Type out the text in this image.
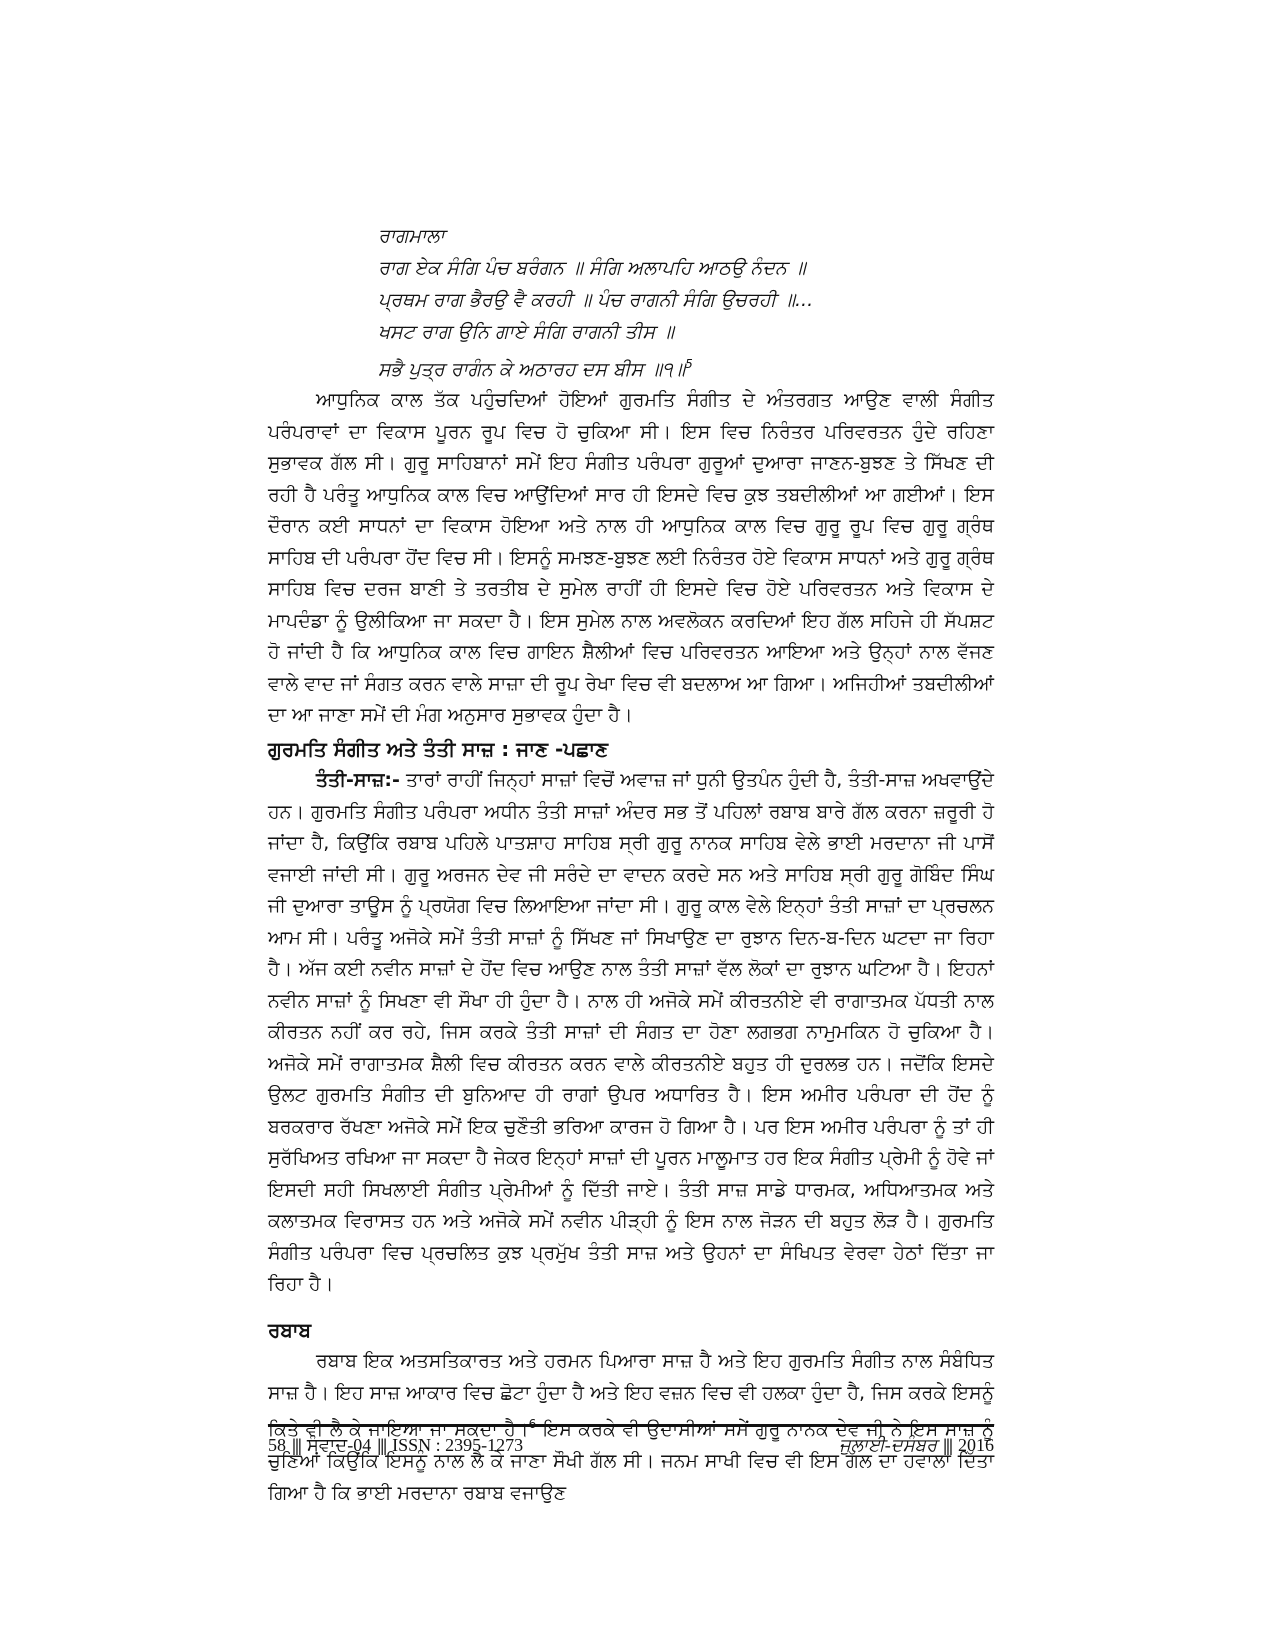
ਰਾਗਮਾਲਾ
ਰਾਗ ਏਕ ਸੰਗਿ ਪੰਚ ਬਰੰਗਨ ॥ ਸੰਗਿ ਅਲਾਪਹਿ ਆਠਉ ਨੰਦਨ ॥
ਪ੍ਰਥਮ ਰਾਗ ਭੈਰਉ ਵੈ ਕਰਹੀ ॥ ਪੰਚ ਰਾਗਨੀ ਸੰਗਿ ਉਚਰਹੀ ॥...
ਖਸਟ ਰਾਗ ਉਨਿ ਗਾਏ ਸੰਗਿ ਰਾਗਨੀ ਤੀਸ ॥
ਸਭੈ ਪੁਤ੍ਰ ਰਾਗੰਨ ਕੇ ਅਠਾਰਹ ਦਸ ਬੀਸ ॥੧॥$^5$

ਆਧੁਨਿਕ ਕਾਲ ਤੱਕ ਪਹੁੰਚਦਿਆਂ ਹੋਇਆਂ ਗੁਰਮਤਿ ਸੰਗੀਤ ਦੇ ਅੰਤਰਗਤ ਆਉਣ ਵਾਲੀ ਸੰਗੀਤ ਪਰੰਪਰਾਵਾਂ ਦਾ ਵਿਕਾਸ ਪੂਰਨ ਰੂਪ ਵਿਚ ਹੋ ਚੁਕਿਆ ਸੀ। ਇਸ ਵਿਚ ਨਿਰੰਤਰ ਪਰਿਵਰਤਨ ਹੁੰਦੇ ਰਹਿਣਾ ਸੁਭਾਵਕ ਗੱਲ ਸੀ। ਗੁਰੂ ਸਾਹਿਬਾਨਾਂ ਸਮੇਂ ਇਹ ਸੰਗੀਤ ਪਰੰਪਰਾ ਗੁਰੂਆਂ ਦੁਆਰਾ ਜਾਣਨ-ਬੁਝਣ ਤੇ ਸਿੱਖਣ ਦੀ ਰਹੀ ਹੈ ਪਰੰਤੂ ਆਧੁਨਿਕ ਕਾਲ ਵਿਚ ਆਉਂਦਿਆਂ ਸਾਰ ਹੀ ਇਸਦੇ ਵਿਚ ਕੁਝ ਤਬਦੀਲੀਆਂ ਆ ਗਈਆਂ। ਇਸ ਦੌਰਾਨ ਕਈ ਸਾਧਨਾਂ ਦਾ ਵਿਕਾਸ ਹੋਇਆ ਅਤੇ ਨਾਲ ਹੀ ਆਧੁਨਿਕ ਕਾਲ ਵਿਚ ਗੁਰੂ ਰੂਪ ਵਿਚ ਗੁਰੂ ਗ੍ਰੰਥ ਸਾਹਿਬ ਦੀ ਪਰੰਪਰਾ ਹੋਂਦ ਵਿਚ ਸੀ। ਇਸਨੂੰ ਸਮਝਣ-ਬੁਝਣ ਲਈ ਨਿਰੰਤਰ ਹੋਏ ਵਿਕਾਸ ਸਾਧਨਾਂ ਅਤੇ ਗੁਰੂ ਗ੍ਰੰਥ ਸਾਹਿਬ ਵਿਚ ਦਰਜ ਬਾਣੀ ਤੇ ਤਰਤੀਬ ਦੇ ਸੁਮੇਲ ਰਾਹੀਂ ਹੀ ਇਸਦੇ ਵਿਚ ਹੋਏ ਪਰਿਵਰਤਨ ਅਤੇ ਵਿਕਾਸ ਦੇ ਮਾਪਦੰਡਾ ਨੂੰ ਉਲੀਕਿਆ ਜਾ ਸਕਦਾ ਹੈ। ਇਸ ਸੁਮੇਲ ਨਾਲ ਅਵਲੋਕਨ ਕਰਦਿਆਂ ਇਹ ਗੱਲ ਸਹਿਜੇ ਹੀ ਸੱਪਸ਼ਟ ਹੋ ਜਾਂਦੀ ਹੈ ਕਿ ਆਧੁਨਿਕ ਕਾਲ ਵਿਚ ਗਾਇਨ ਸ਼ੈਲੀਆਂ ਵਿਚ ਪਰਿਵਰਤਨ ਆਇਆ ਅਤੇ ਉਨ੍ਹਾਂ ਨਾਲ ਵੱਜਣ ਵਾਲੇ ਵਾਦ ਜਾਂ ਸੰਗਤ ਕਰਨ ਵਾਲੇ ਸਾਜ਼ਾ ਦੀ ਰੂਪ ਰੇਖਾ ਵਿਚ ਵੀ ਬਦਲਾਅ ਆ ਗਿਆ। ਅਜਿਹੀਆਂ ਤਬਦੀਲੀਆਂ ਦਾ ਆ ਜਾਣਾ ਸਮੇਂ ਦੀ ਮੰਗ ਅਨੁਸਾਰ ਸੁਭਾਵਕ ਹੁੰਦਾ ਹੈ।

ਗੁਰਮਤਿ ਸੰਗੀਤ ਅਤੇ ਤੰਤੀ ਸਾਜ਼ : ਜਾਣ -ਪਛਾਣ

ਤੰਤੀ-ਸਾਜ਼:- ਤਾਰਾਂ ਰਾਹੀਂ ਜਿਨ੍ਹਾਂ ਸਾਜ਼ਾਂ ਵਿਚੋਂ ਅਵਾਜ਼ ਜਾਂ ਧੁਨੀ ਉਤਪੰਨ ਹੁੰਦੀ ਹੈ, ਤੰਤੀ-ਸਾਜ਼ ਅਖਵਾਉਂਦੇ ਹਨ। ਗੁਰਮਤਿ ਸੰਗੀਤ ਪਰੰਪਰਾ ਅਧੀਨ ਤੰਤੀ ਸਾਜ਼ਾਂ ਅੰਦਰ ਸਭ ਤੋਂ ਪਹਿਲਾਂ ਰਬਾਬ ਬਾਰੇ ਗੱਲ ਕਰਨਾ ਜ਼ਰੂਰੀ ਹੋ ਜਾਂਦਾ ਹੈ, ਕਿਉਂਕਿ ਰਬਾਬ ਪਹਿਲੇ ਪਾਤਸ਼ਾਹ ਸਾਹਿਬ ਸ੍ਰੀ ਗੁਰੂ ਨਾਨਕ ਸਾਹਿਬ ਵੇਲੇ ਭਾਈ ਮਰਦਾਨਾ ਜੀ ਪਾਸੋਂ ਵਜਾਈ ਜਾਂਦੀ ਸੀ। ਗੁਰੂ ਅਰਜਨ ਦੇਵ ਜੀ ਸਰੰਦੇ ਦਾ ਵਾਦਨ ਕਰਦੇ ਸਨ ਅਤੇ ਸਾਹਿਬ ਸ੍ਰੀ ਗੁਰੂ ਗੋਬਿੰਦ ਸਿੰਘ ਜੀ ਦੁਆਰਾ ਤਾਊਸ ਨੂੰ ਪ੍ਰਯੋਗ ਵਿਚ ਲਿਆਇਆ ਜਾਂਦਾ ਸੀ। ਗੁਰੂ ਕਾਲ ਵੇਲੇ ਇਨ੍ਹਾਂ ਤੰਤੀ ਸਾਜ਼ਾਂ ਦਾ ਪ੍ਰਚਲਨ ਆਮ ਸੀ। ਪਰੰਤੂ ਅਜੋਕੇ ਸਮੇਂ ਤੰਤੀ ਸਾਜ਼ਾਂ ਨੂੰ ਸਿੱਖਣ ਜਾਂ ਸਿਖਾਉਣ ਦਾ ਰੁਝਾਨ ਦਿਨ-ਬ-ਦਿਨ ਘਟਦਾ ਜਾ ਰਿਹਾ ਹੈ। ਅੱਜ ਕਈ ਨਵੀਨ ਸਾਜ਼ਾਂ ਦੇ ਹੋਂਦ ਵਿਚ ਆਉਣ ਨਾਲ ਤੰਤੀ ਸਾਜ਼ਾਂ ਵੱਲ ਲੋਕਾਂ ਦਾ ਰੁਝਾਨ ਘਟਿਆ ਹੈ। ਇਹਨਾਂ ਨਵੀਨ ਸਾਜ਼ਾਂ ਨੂੰ ਸਿਖਣਾ ਵੀ ਸੌਖਾ ਹੀ ਹੁੰਦਾ ਹੈ। ਨਾਲ ਹੀ ਅਜੋਕੇ ਸਮੇਂ ਕੀਰਤਨੀਏ ਵੀ ਰਾਗਾਤਮਕ ਪੱਧਤੀ ਨਾਲ ਕੀਰਤਨ ਨਹੀਂ ਕਰ ਰਹੇ, ਜਿਸ ਕਰਕੇ ਤੰਤੀ ਸਾਜ਼ਾਂ ਦੀ ਸੰਗਤ ਦਾ ਹੋਣਾ ਲਗਭਗ ਨਾਮੁਮਕਿਨ ਹੋ ਚੁਕਿਆ ਹੈ। ਅਜੋਕੇ ਸਮੇਂ ਰਾਗਾਤਮਕ ਸ਼ੈਲੀ ਵਿਚ ਕੀਰਤਨ ਕਰਨ ਵਾਲੇ ਕੀਰਤਨੀਏ ਬਹੁਤ ਹੀ ਦੁਰਲਭ ਹਨ। ਜਦੋਂਕਿ ਇਸਦੇ ਉਲਟ ਗੁਰਮਤਿ ਸੰਗੀਤ ਦੀ ਬੁਨਿਆਦ ਹੀ ਰਾਗਾਂ ਉਪਰ ਅਧਾਰਿਤ ਹੈ। ਇਸ ਅਮੀਰ ਪਰੰਪਰਾ ਦੀ ਹੋਂਦ ਨੂੰ ਬਰਕਰਾਰ ਰੱਖਣਾ ਅਜੋਕੇ ਸਮੇਂ ਇਕ ਚੁਣੌਤੀ ਭਰਿਆ ਕਾਰਜ ਹੋ ਗਿਆ ਹੈ। ਪਰ ਇਸ ਅਮੀਰ ਪਰੰਪਰਾ ਨੂੰ ਤਾਂ ਹੀ ਸੁਰੱਖਿਅਤ ਰਖਿਆ ਜਾ ਸਕਦਾ ਹੈ ਜੇਕਰ ਇਨ੍ਹਾਂ ਸਾਜ਼ਾਂ ਦੀ ਪੂਰਨ ਮਾਲੂਮਾਤ ਹਰ ਇਕ ਸੰਗੀਤ ਪ੍ਰੇਮੀ ਨੂੰ ਹੋਵੇ ਜਾਂ ਇਸਦੀ ਸਹੀ ਸਿਖਲਾਈ ਸੰਗੀਤ ਪ੍ਰੇਮੀਆਂ ਨੂੰ ਦਿੱਤੀ ਜਾਏ। ਤੰਤੀ ਸਾਜ਼ ਸਾਡੇ ਧਾਰਮਕ, ਅਧਿਆਤਮਕ ਅਤੇ ਕਲਾਤਮਕ ਵਿਰਾਸਤ ਹਨ ਅਤੇ ਅਜੋਕੇ ਸਮੇਂ ਨਵੀਨ ਪੀੜ੍ਹੀ ਨੂੰ ਇਸ ਨਾਲ ਜੋੜਨ ਦੀ ਬਹੁਤ ਲੋੜ ਹੈ। ਗੁਰਮਤਿ ਸੰਗੀਤ ਪਰੰਪਰਾ ਵਿਚ ਪ੍ਰਚਲਿਤ ਕੁਝ ਪ੍ਰਮੁੱਖ ਤੰਤੀ ਸਾਜ਼ ਅਤੇ ਉਹਨਾਂ ਦਾ ਸੰਖਿਪਤ ਵੇਰਵਾ ਹੇਠਾਂ ਦਿੱਤਾ ਜਾ ਰਿਹਾ ਹੈ।

ਰਬਾਬ

ਰਬਾਬ ਇਕ ਅਤਸਤਿਕਾਰਤ ਅਤੇ ਹਰਮਨ ਪਿਆਰਾ ਸਾਜ਼ ਹੈ ਅਤੇ ਇਹ ਗੁਰਮਤਿ ਸੰਗੀਤ ਨਾਲ ਸੰਬੰਧਿਤ ਸਾਜ਼ ਹੈ। ਇਹ ਸਾਜ਼ ਆਕਾਰ ਵਿਚ ਛੋਟਾ ਹੁੰਦਾ ਹੈ ਅਤੇ ਇਹ ਵਜ਼ਨ ਵਿਚ ਵੀ ਹਲਕਾ ਹੁੰਦਾ ਹੈ, ਜਿਸ ਕਰਕੇ ਇਸਨੂੰ ਕਿਤੇ ਵੀ ਲੈ ਕੇ ਜਾਇਆ ਜਾ ਸਕਦਾ ਹੈ।$^6$ ਇਸ ਕਰਕੇ ਵੀ ਉਦਾਸੀਆਂ ਸਮੇਂ ਗੁਰੂ ਨਾਨਕ ਦੇਵ ਜੀ ਨੇ ਇਸ ਸਾਜ਼ ਨੂੰ ਚੁਣਿਆਂ ਕਿਉਂਕਿ ਇਸਨੂੰ ਨਾਲ ਲੈ ਕੇ ਜਾਣਾ ਸੌਖੀ ਗੱਲ ਸੀ। ਜਨਮ ਸਾਖੀ ਵਿਚ ਵੀ ਇਸ ਗੱਲ ਦਾ ਹਵਾਲਾ ਦਿੱਤਾ ਗਿਆ ਹੈ ਕਿ ਭਾਈ ਮਰਦਾਨਾ ਰਬਾਬ ਵਜਾਉਣ

58 ||| ਸੰਵਾਦ-04 ||| ISSN : 2395-1273	ਜੁਲਾਈ-ਦਸੰਬਰ ||| 2016
